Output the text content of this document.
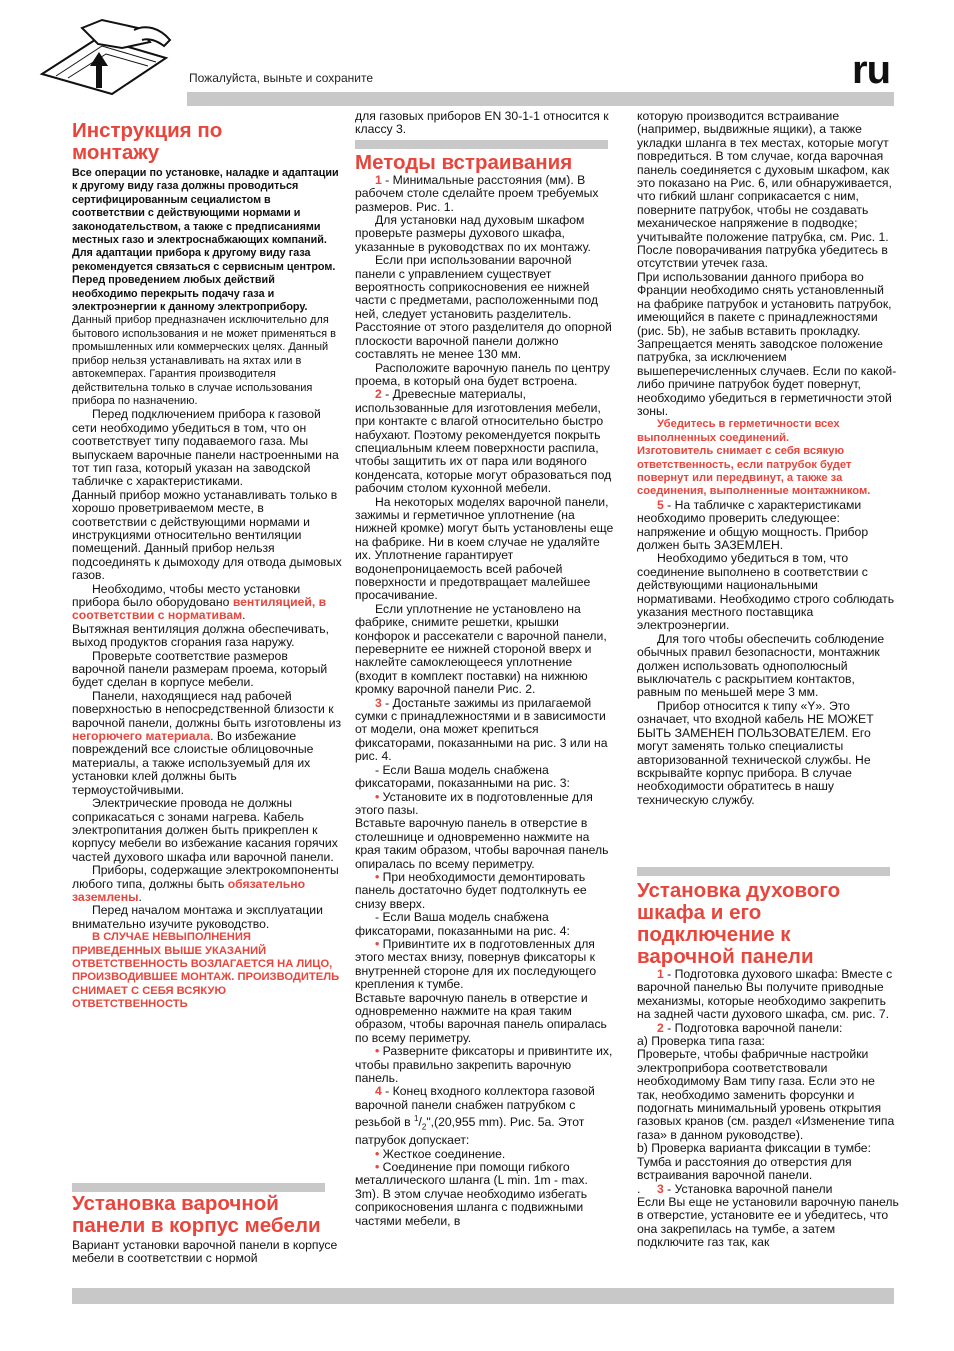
Пожалуйста, выньте и сохраните	ru
Инструкция по монтажу

Все операции по установке, наладке и адаптации к другому виду газа должны проводиться сертифицированным сециалистом в соответствии с действующими нормами и законодательством, а также с предписаниями местных газо и электроснабжающих компаний.

Для адаптации прибора к другому виду газа рекомендуется связаться с сервисным центром.

Перед проведением любых действий необходимо перекрыть подачу газа и электроэнергии к данному электроприбору.

Данный прибор предназначен исключительно для бытового использования и не может применяться в промышленных или коммерческих целях. Данный прибор нельзя устанавливать на яхтах или в автокемперах. Гарантия производителя действительна только в случае использования прибора по назначению.

Перед подключением прибора к газовой сети необходимо убедиться в том, что он соответствует типу подаваемого газа. Мы выпускаем варочные панели настроенными на тот тип газа, который указан на заводской табличке с характеристиками.

Данный прибор можно устанавливать только в хорошо проветриваемом месте, в соответствии с действующими нормами и инструкциями относительно вентиляции помещений. Данный прибор нельзя подсоединять к дымоходу для отвода дымовых газов.

Необходимо, чтобы место установки прибора было оборудовано вентиляцией, в соответствии с нормативам.

Вытяжная вентиляция должна обеспечивать, выход продуктов сгорания газа наружу.

Проверьте соответствие размеров варочной панели размерам проема, который будет сделан в корпусе мебели.

Панели, находящиеся над рабочей поверхностью в непосредственной близости к варочной панели, должны быть изготовлены из негорючего материала. Во избежание повреждений все слоистые облицовочные материалы, а также используемый для их установки клей должны быть термоустойчивыми.

Электрические провода не должны соприкасаться с зонами нагрева. Кабель электропитания должен быть прикреплен к корпусу мебели во избежание касания горячих частей духового шкафа или варочной панели.

Приборы, содержащие электрокомпоненты любого типа, должны быть обязательно заземлены.

Перед началом монтажа и эксплуатации внимательно изучите руководство.

В СЛУЧАЕ НЕВЫПОЛНЕНИЯ ПРИВЕДЕННЫХ ВЫШЕ УКАЗАНИЙ ОТВЕТСТВЕННОСТЬ ВОЗЛАГАЕТСЯ НА ЛИЦО, ПРОИЗВОДИВШЕЕ МОНТАЖ. ПРОИЗВОДИТЕЛЬ СНИМАЕТ С СЕБЯ ВСЯКУЮ ОТВЕТСТВЕННОСТЬ

Установка варочной панели в корпус мебели

Вариант установки варочной панели в корпусе мебели в соответствии с нормой

для газовых приборов EN 30-1-1 относится к классу 3.

Методы встраивания

1 - Минимальные расстояния (мм). В рабочем столе сделайте проем требуемых размеров. Рис. 1.

Для установки над духовым шкафом проверьте размеры духового шкафа, указанные в руководствах по их монтажу.

Если при использовании варочной панели с управлением существует вероятность соприкосновения ее нижней части с предметами, расположенными под ней, следует установить разделитель. Расстояние от этого разделителя до опорной плоскости варочной панели должно составлять не менее 130 мм.

Расположите варочную панель по центру проема, в который она будет встроена.

2 - Древесные материалы, использованные для изготовления мебели, при контакте с влагой относительно быстро набухают. Поэтому рекомендуется покрыть специальным клеем поверхности распила, чтобы защитить их от пара или водяного конденсата, которые могут образоваться под рабочим столом кухонной мебели.

На некоторых моделях варочной панели, зажимы и герметичное уплотнение (на нижней кромке) могут быть установлены еще на фабрике. Ни в коем случае не удаляйте их. Уплотнение гарантирует водонепроницаемость всей рабочей поверхности и предотвращает малейшее просачивание.

Если уплотнение не установлено на фабрике, снимите решетки, крышки конфорок и рассекатели с варочной панели, переверните ее нижней стороной вверх и наклейте самоклеющееся уплотнение (входит в комплект поставки) на нижнюю кромку варочной панели Рис. 2.

3 - Достаньте зажимы из прилагаемой сумки с принадлежностями и в зависимости от модели, она может крепиться фиксаторами, показанными на рис. 3 или на рис. 4.

- Если Ваша модель снабжена фиксаторами, показанными на рис. 3:

• Установите их в подготовленные для этого пазы.

Вставьте варочную панель в отверстие в столешнице и одновременно нажмите на края таким образом, чтобы варочная панель опиралась по всему периметру.

• При необходимости демонтировать панель достаточно будет подтолкнуть ее снизу вверх.

- Если Ваша модель снабжена фиксаторами, показанными на рис. 4:

• Привинтите их в подготовленных для этого местах внизу, повернув фиксаторы к внутренней стороне для их последующего крепления к тумбе.

Вставьте варочную панель в отверстие и одновременно нажмите на края таким образом, чтобы варочная панель опиралась по всему периметру.

• Разверните фиксаторы и привинтите их, чтобы правильно закрепить варочную панель.

4 - Конец входного коллектора газовой варочной панели снабжен патрубком с резьбой в $^1/_2",(20,955$ mm). Рис. 5а. Этот патрубок допускает:

• Жесткое соединение.

• Соединение при помощи гибкого металлического шланга (L min. 1m - max. 3m). В этом случае необходимо избегать соприкосновения шланга с подвижными частями мебели, в

которую производится встраивание (например, выдвижные ящики), а также укладки шланга в тех местах, которые могут повредиться. В том случае, когда варочная панель соединяется с духовым шкафом, как это показано на Рис. 6, или обнаруживается, что гибкий шланг соприкасается с ним, поверните патрубок, чтобы не создавать механическое напряжение в подводке; учитывайте положение патрубка, см. Рис. 1. После поворачивания патрубка убедитесь в отсутствии утечек газа.

При использовании данного прибора во Франции необходимо снять установленный на фабрике патрубок и установить патрубок, имеющийся в пакете с принадлежностями (рис. 5b), не забыв вставить прокладку.

Запрещается менять заводское положение патрубка, за исключением вышеперечисленных случаев. Если по какой-либо причине патрубок будет повернут, необходимо убедиться в герметичности этой зоны.

Убедитесь в герметичности всех выполненных соединений.

Изготовитель снимает с себя всякую ответственность, если патрубок будет повернут или передвинут, а также за соединения, выполненные монтажником.

5 - На табличке с характеристиками необходимо проверить следующее: напряжение и общую мощность. Прибор должен быть ЗАЗЕМЛЕН.

Необходимо убедиться в том, что соединение выполнено в соответствии с действующими национальными нормативами. Необходимо строго соблюдать указания местного поставщика электроэнергии.

Для того чтобы обеспечить соблюдение обычных правил безопасности, монтажник должен использовать однополюсный выключатель с раскрытием контактов, равным по меньшей мере 3 мм.

Прибор относится к типу «Y». Это означает, что входной кабель НЕ МОЖЕТ БЫТЬ ЗАМЕНЕН ПОЛЬЗОВАТЕЛЕМ. Его могут заменять только специалисты авторизованной технической службы. Не вскрывайте корпус прибора. В случае необходимости обратитесь в нашу техническую службу.

Установка духового шкафа и его подключение к варочной панели

1 - Подготовка духового шкафа: Вместе с варочной панелью Вы получите приводные механизмы, которые необходимо закрепить на задней части духового шкафа, см. рис. 7.

2 - Подготовка варочной панели:

а) Проверка типа газа:

Проверьте, чтобы фабричные настройки электроприбора соответствовали необходимому Вам типу газа. Если это не так, необходимо заменить форсунки и подогнать минимальный уровень открытия газовых кранов (см. раздел «Изменение типа газа» в данном руководстве).

b) Проверка варианта фиксации в тумбе: Тумба и расстояния до отверстия для встраивания варочной панели.

. 3 - Установка варочной панели

Если Вы еще не установили варочную панель в отверстие, установите ее и убедитесь, что она закрепилась на тумбе, а затем подключите газ так, как
